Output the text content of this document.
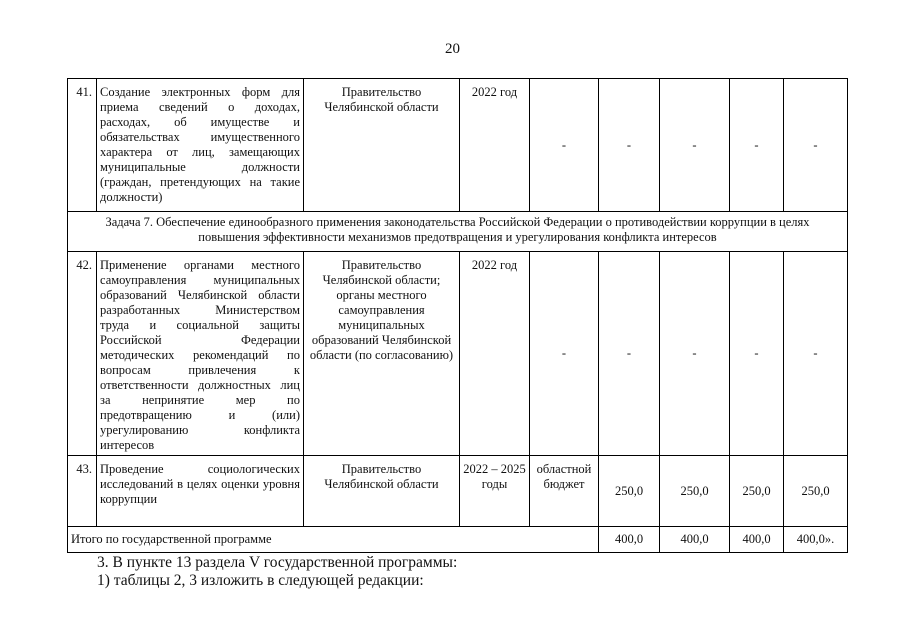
20
41.	Создание электронных форм для приема сведений о доходах, расходах, об имуществе и обязательствах имущественного характера от лиц, замещающих муниципальные должности (граждан, претендующих на такие должности)	Правительство Челябинской области	2022 год	-	-	-	-	-
Задача 7. Обеспечение единообразного применения законодательства Российской Федерации о противодействии коррупции в целях повышения эффективности механизмов предотвращения и урегулирования конфликта интересов								
42.	Применение органами местного самоуправления муниципальных образований Челябинской области разработанных Министерством труда и социальной защиты Российской Федерации методических рекомендаций по вопросам привлечения к ответственности должностных лиц за непринятие мер по предотвращению и (или) урегулированию конфликта интересов	Правительство Челябинской области; органы местного самоуправления муниципальных образований Челябинской области (по согласованию)	2022 год	-	-	-	-	-
43.	Проведение социологических исследований в целях оценки уровня коррупции	Правительство Челябинской области	2022 – 2025 годы	областной бюджет	250,0	250,0	250,0	250,0
Итого по государственной программе					400,0	400,0	400,0	400,0».
3. В пункте 13 раздела V государственной программы:
1) таблицы 2, 3 изложить в следующей редакции:
